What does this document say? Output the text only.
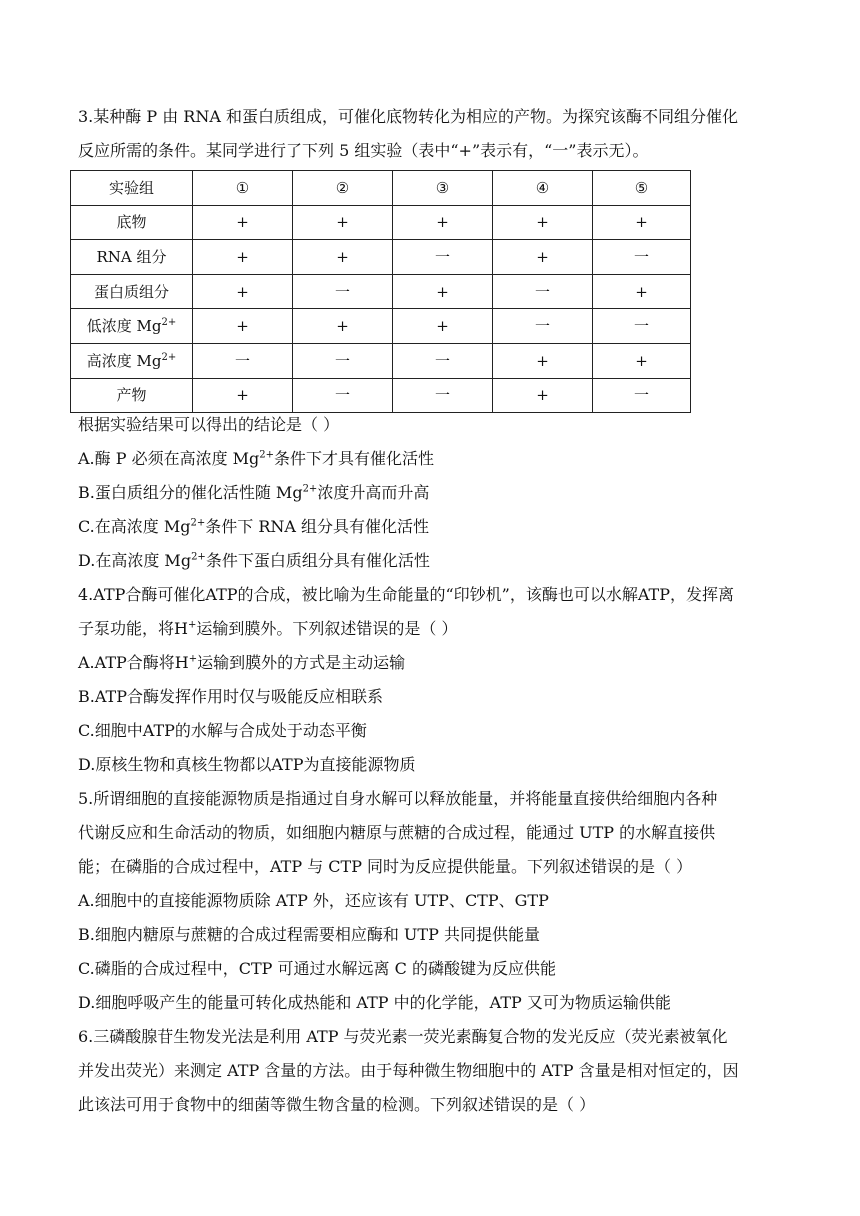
3.某种酶 P 由 RNA 和蛋白质组成，可催化底物转化为相应的产物。为探究该酶不同组分催化
反应所需的条件。某同学进行了下列 5 组实验（表中“+”表示有，“一”表示无）。
实验组	①	②	③	④	⑤
底物	+	+	+	+	+
RNA 组分	+	+	一	+	一
蛋白质组分	+	一	+	一	+
低浓度 $Mg^{2+}$	+	+	+	一	一
高浓度 $Mg^{2+}$	一	一	一	+	+
产物	+	一	一	+	一
根据实验结果可以得出的结论是（ ）
A.酶 P 必须在高浓度 $Mg^{2+}$条件下才具有催化活性
B.蛋白质组分的催化活性随 $Mg^{2+}$浓度升高而升高
C.在高浓度 $Mg^{2+}$条件下 RNA 组分具有催化活性
D.在高浓度 $Mg^{2+}$条件下蛋白质组分具有催化活性
4.ATP合酶可催化ATP的合成，被比喻为生命能量的“印钞机”，该酶也可以水解ATP，发挥离
子泵功能，将H+运输到膜外。下列叙述错误的是（ ）
A.ATP合酶将H+运输到膜外的方式是主动运输
B.ATP合酶发挥作用时仅与吸能反应相联系
C.细胞中ATP的水解与合成处于动态平衡
D.原核生物和真核生物都以ATP为直接能源物质
5.所谓细胞的直接能源物质是指通过自身水解可以释放能量，并将能量直接供给细胞内各种
代谢反应和生命活动的物质，如细胞内糖原与蔗糖的合成过程，能通过 UTP 的水解直接供
能；在磷脂的合成过程中，ATP 与 CTP 同时为反应提供能量。下列叙述错误的是（ ）
A.细胞中的直接能源物质除 ATP 外，还应该有 UTP、CTP、GTP
B.细胞内糖原与蔗糖的合成过程需要相应酶和 UTP 共同提供能量
C.磷脂的合成过程中，CTP 可通过水解远离 C 的磷酸键为反应供能
D.细胞呼吸产生的能量可转化成热能和 ATP 中的化学能，ATP 又可为物质运输供能
6.三磷酸腺苷生物发光法是利用 ATP 与荧光素一荧光素酶复合物的发光反应（荧光素被氧化
并发出荧光）来测定 ATP 含量的方法。由于每种微生物细胞中的 ATP 含量是相对恒定的，因
此该法可用于食物中的细菌等微生物含量的检测。下列叙述错误的是（ ）
